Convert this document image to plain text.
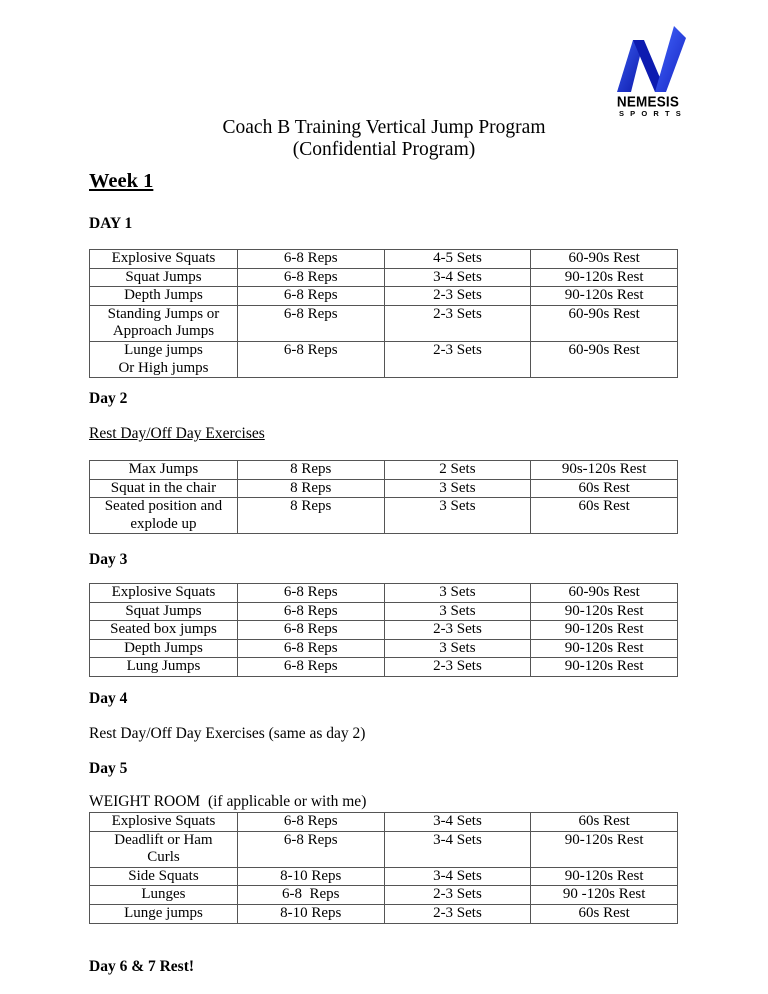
NEMESIS
SPORTS
Coach B Training Vertical Jump Program
(Confidential Program)
Week 1
DAY 1
Explosive Squats	6-8 Reps	4-5 Sets	60-90s Rest
Squat Jumps	6-8 Reps	3-4 Sets	90-120s Rest
Depth Jumps	6-8 Reps	2-3 Sets	90-120s Rest
Standing Jumps or
Approach Jumps	6-8 Reps	2-3 Sets	60-90s Rest
Lunge jumps
Or High jumps	6-8 Reps	2-3 Sets	60-90s Rest
Day 2
Rest Day/Off Day Exercises
Max Jumps	8 Reps	2 Sets	90s-120s Rest
Squat in the chair	8 Reps	3 Sets	60s Rest
Seated position and
explode up	8 Reps	3 Sets	60s Rest
Day 3
Explosive Squats	6-8 Reps	3 Sets	60-90s Rest
Squat Jumps	6-8 Reps	3 Sets	90-120s Rest
Seated box jumps	6-8 Reps	2-3 Sets	90-120s Rest
Depth Jumps	6-8 Reps	3 Sets	90-120s Rest
Lung Jumps	6-8 Reps	2-3 Sets	90-120s Rest
Day 4
Rest Day/Off Day Exercises (same as day 2)
Day 5
WEIGHT ROOM  (if applicable or with me)
Explosive Squats	6-8 Reps	3-4 Sets	60s Rest
Deadlift or Ham
Curls	6-8 Reps	3-4 Sets	90-120s Rest
Side Squats	8-10 Reps	3-4 Sets	90-120s Rest
Lunges	6-8  Reps	2-3 Sets	90 -120s Rest
Lunge jumps	8-10 Reps	2-3 Sets	60s Rest
Day 6 & 7 Rest!
